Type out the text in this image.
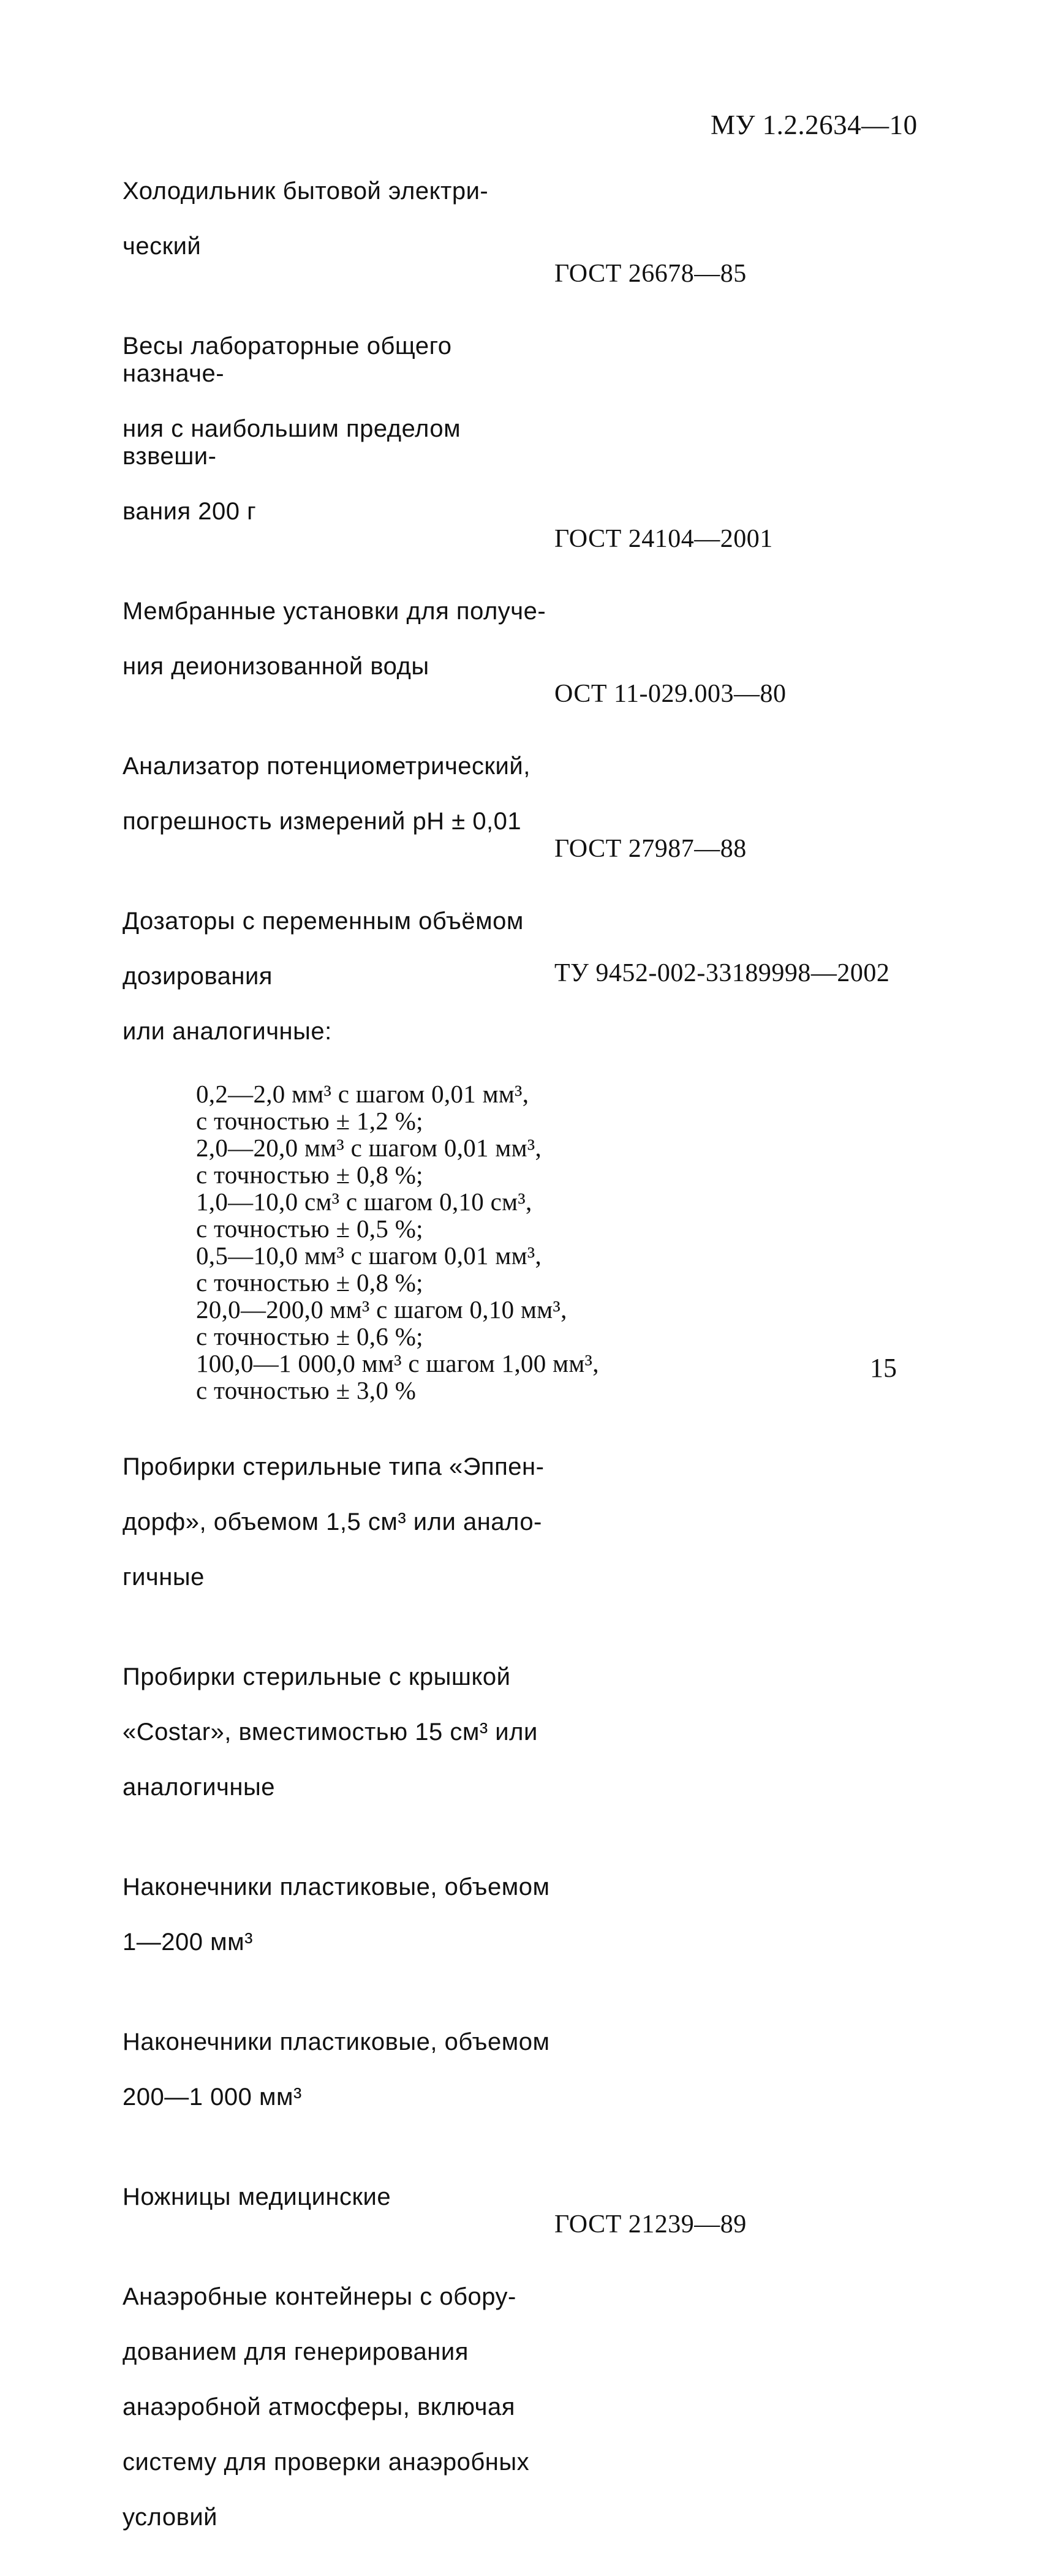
МУ 1.2.2634—10

Холодильник бытовой электри-

ческий

ГОСТ 26678—85

Весы лабораторные общего назначе-

ния с наибольшим пределом взвеши-

вания 200 г

ГОСТ 24104—2001

Мембранные установки для получе-

ния деионизованной воды

ОСТ 11-029.003—80

Анализатор потенциометрический,

погрешность измерений pH ± 0,01

ГОСТ 27987—88

Дозаторы с переменным объёмом

дозирования

или аналогичные:

ТУ 9452-002-33189998—2002
0,2—2,0 мм³ с шагом 0,01 мм³,
с точностью ± 1,2 %;
2,0—20,0 мм³ с шагом 0,01 мм³,
с точностью ± 0,8 %;
1,0—10,0 см³ с шагом 0,10 см³,
с точностью ± 0,5 %;
0,5—10,0 мм³ с шагом 0,01 мм³,
с точностью ± 0,8 %;
20,0—200,0 мм³ с шагом 0,10 мм³,
с точностью ± 0,6 %;
100,0—1 000,0 мм³ с шагом 1,00 мм³,
с точностью ± 3,0 %

Пробирки стерильные типа «Эппен-

дорф», объемом 1,5 см³ или анало-

гичные

Пробирки стерильные с крышкой

«Costar», вместимостью 15 см³ или

аналогичные

Наконечники пластиковые, объемом

1—200 мм³

Наконечники пластиковые, объемом

200—1 000 мм³

Ножницы медицинские

ГОСТ 21239—89

Анаэробные контейнеры с обору-

дованием для генерирования

анаэробной атмосферы, включая

систему для проверки анаэробных

условий

15
